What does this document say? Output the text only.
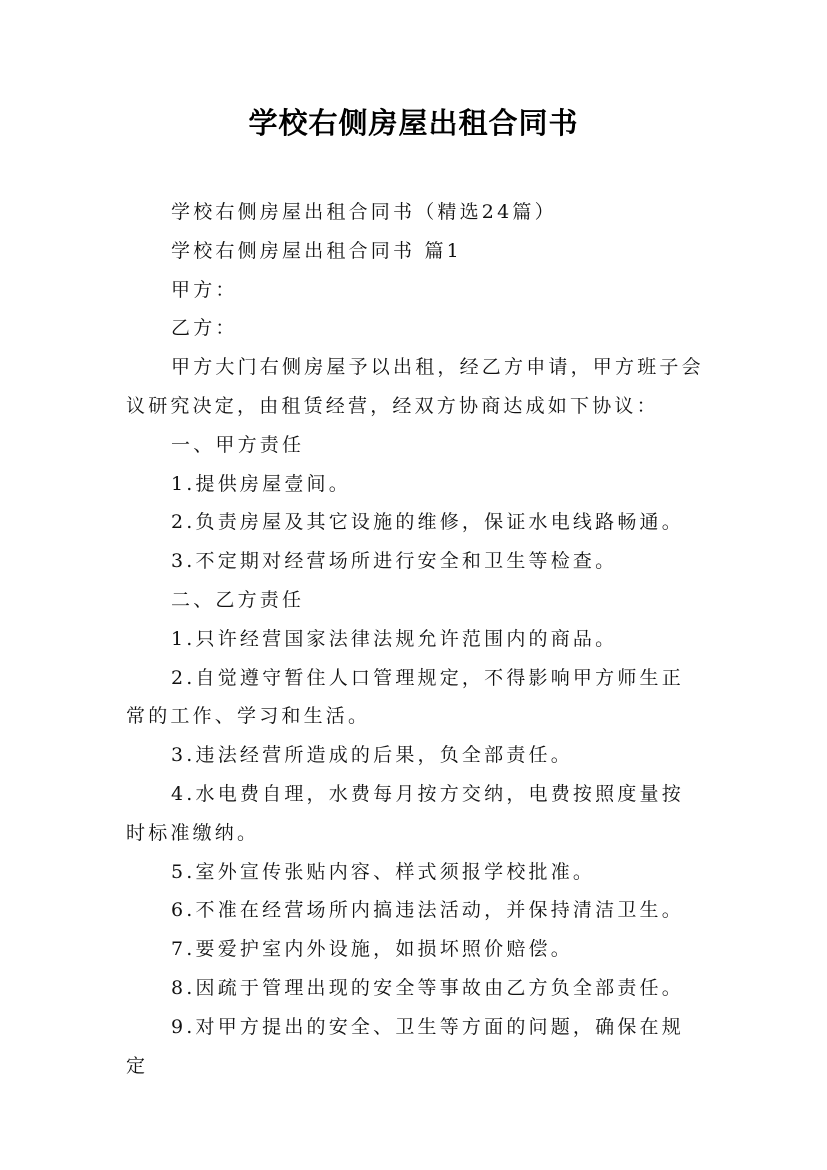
学校右侧房屋出租合同书

学校右侧房屋出租合同书（精选24篇）

学校右侧房屋出租合同书 篇1

甲方：

乙方：

甲方大门右侧房屋予以出租，经乙方申请，甲方班子会议研究决定，由租赁经营，经双方协商达成如下协议：

一、甲方责任

1.提供房屋壹间。

2.负责房屋及其它设施的维修，保证水电线路畅通。

3.不定期对经营场所进行安全和卫生等检查。

二、乙方责任

1.只许经营国家法律法规允许范围内的商品。

2.自觉遵守暂住人口管理规定，不得影响甲方师生正常的工作、学习和生活。

3.违法经营所造成的后果，负全部责任。

4.水电费自理，水费每月按方交纳，电费按照度量按时标准缴纳。

5.室外宣传张贴内容、样式须报学校批准。

6.不准在经营场所内搞违法活动，并保持清洁卫生。

7.要爱护室内外设施，如损坏照价赔偿。

8.因疏于管理出现的安全等事故由乙方负全部责任。

9.对甲方提出的安全、卫生等方面的问题，确保在规定
